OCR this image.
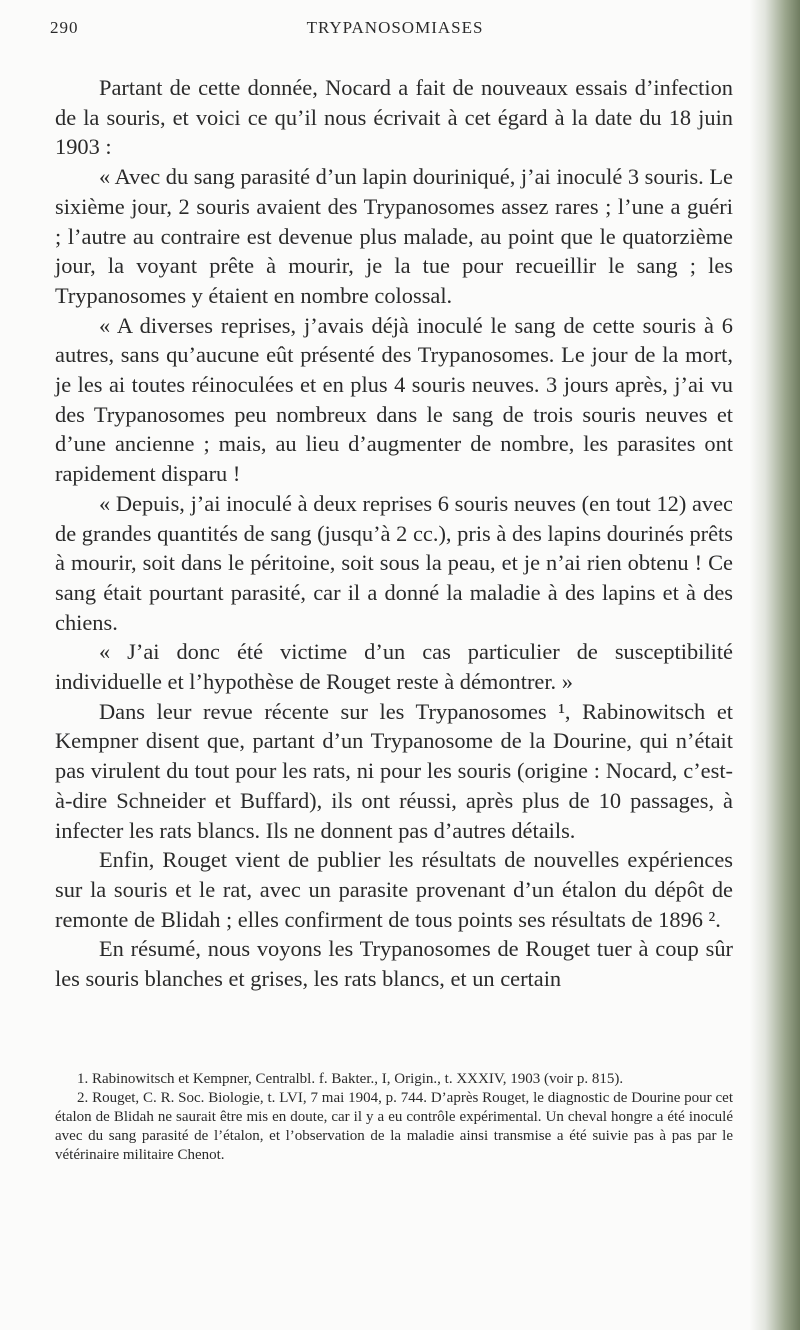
290	TRYPANOSOMIASES

Partant de cette donnée, Nocard a fait de nouveaux essais d’infection de la souris, et voici ce qu’il nous écrivait à cet égard à la date du 18 juin 1903 :

« Avec du sang parasité d’un lapin douriniqué, j’ai inoculé 3 souris. Le sixième jour, 2 souris avaient des Trypanosomes assez rares ; l’une a guéri ; l’autre au contraire est devenue plus malade, au point que le quatorzième jour, la voyant prête à mourir, je la tue pour recueillir le sang ; les Trypanosomes y étaient en nombre colossal.

« A diverses reprises, j’avais déjà inoculé le sang de cette souris à 6 autres, sans qu’aucune eût présenté des Trypanosomes. Le jour de la mort, je les ai toutes réinoculées et en plus 4 souris neuves. 3 jours après, j’ai vu des Trypanosomes peu nombreux dans le sang de trois souris neuves et d’une ancienne ; mais, au lieu d’augmenter de nombre, les parasites ont rapidement disparu !

« Depuis, j’ai inoculé à deux reprises 6 souris neuves (en tout 12) avec de grandes quantités de sang (jusqu’à 2 cc.), pris à des lapins dourinés prêts à mourir, soit dans le péritoine, soit sous la peau, et je n’ai rien obtenu ! Ce sang était pourtant parasité, car il a donné la maladie à des lapins et à des chiens.

« J’ai donc été victime d’un cas particulier de susceptibilité individuelle et l’hypothèse de Rouget reste à démontrer. »

Dans leur revue récente sur les Trypanosomes ¹, Rabinowitsch et Kempner disent que, partant d’un Trypanosome de la Dourine, qui n’était pas virulent du tout pour les rats, ni pour les souris (origine : Nocard, c’est-à-dire Schneider et Buffard), ils ont réussi, après plus de 10 passages, à infecter les rats blancs. Ils ne donnent pas d’autres détails.

Enfin, Rouget vient de publier les résultats de nouvelles expériences sur la souris et le rat, avec un parasite provenant d’un étalon du dépôt de remonte de Blidah ; elles confirment de tous points ses résultats de 1896 ².

En résumé, nous voyons les Trypanosomes de Rouget tuer à coup sûr les souris blanches et grises, les rats blancs, et un certain

1. Rabinowitsch et Kempner, Centralbl. f. Bakter., I, Origin., t. XXXIV, 1903 (voir p. 815).

2. Rouget, C. R. Soc. Biologie, t. LVI, 7 mai 1904, p. 744. D’après Rouget, le diagnostic de Dourine pour cet étalon de Blidah ne saurait être mis en doute, car il y a eu contrôle expérimental. Un cheval hongre a été inoculé avec du sang parasité de l’étalon, et l’observation de la maladie ainsi transmise a été suivie pas à pas par le vétérinaire militaire Chenot.
